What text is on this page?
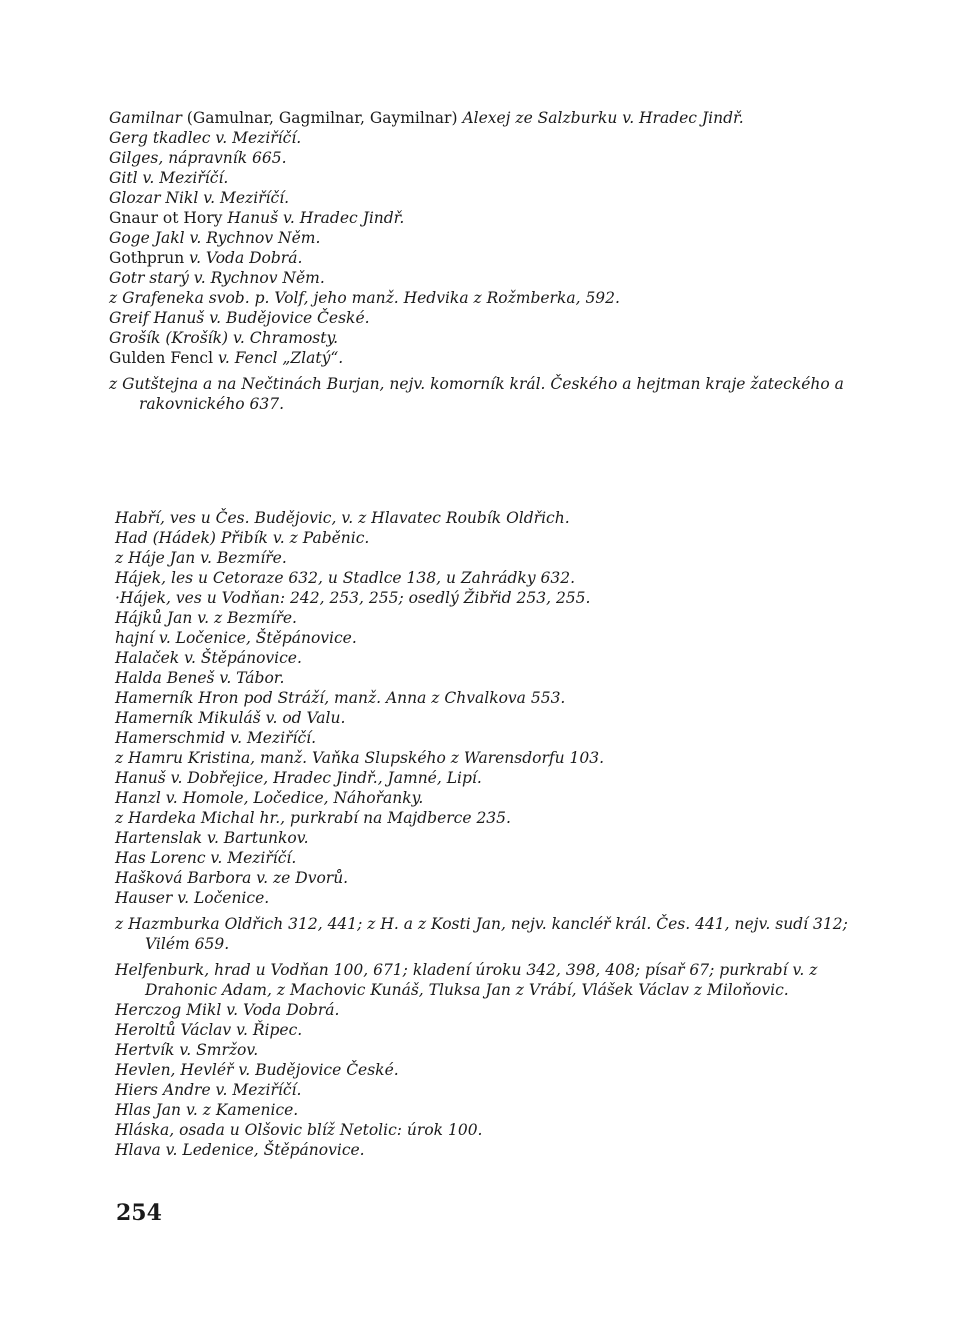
Gamilnar (Gamulnar, Gagmilnar, Gaymilnar) Alexej ze Salzburku v. Hradec Jindř.

Gerg tkadlec v. Meziříčí.

Gilges, nápravník 665.

Gitl v. Meziříčí.

Glozar Nikl v. Meziříčí.

Gnaur ot Hory Hanuš v. Hradec Jindř.

Goge Jakl v. Rychnov Něm.

Gothprun v. Voda Dobrá.

Gotr starý v. Rychnov Něm.

z Grafeneka svob. p. Volf, jeho manž. Hedvika z Rožmberka, 592.

Greif Hanuš v. Budějovice České.

Grošík (Krošík) v. Chramosty.

Gulden Fencl v. Fencl „Zlatý“.

z Gutštejna a na Nečtinách Burjan, nejv. komorník král. Českého a hejtman kraje žateckého a rakovnického 637.

Habří, ves u Čes. Budějovic, v. z Hlavatec Roubík Oldřich.

Had (Hádek) Přibík v. z Paběnic.

z Háje Jan v. Bezmíře.

Hájek, les u Cetoraze 632, u Stadlce 138, u Zahrádky 632.

·Hájek, ves u Vodňan: 242, 253, 255; osedlý Žibřid 253, 255.

Hájků Jan v. z Bezmíře.

hajní v. Ločenice, Štěpánovice.

Halaček v. Štěpánovice.

Halda Beneš v. Tábor.

Hamerník Hron pod Stráží, manž. Anna z Chvalkova 553.

Hamerník Mikuláš v. od Valu.

Hamerschmid v. Meziříčí.

z Hamru Kristina, manž. Vaňka Slupského z Warensdorfu 103.

Hanuš v. Dobřejice, Hradec Jindř., Jamné, Lipí.

Hanzl v. Homole, Ločedice, Náhořanky.

z Hardeka Michal hr., purkrabí na Majdberce 235.

Hartenslak v. Bartunkov.

Has Lorenc v. Meziříčí.

Hašková Barbora v. ze Dvorů.

Hauser v. Ločenice.

z Hazmburka Oldřich 312, 441; z H. a z Kosti Jan, nejv. kancléř král. Čes. 441, nejv. sudí 312; Vilém 659.

Helfenburk, hrad u Vodňan 100, 671; kladení úroku 342, 398, 408; písař 67; purkrabí v. z Drahonic Adam, z Machovic Kunáš, Tluksa Jan z Vrábí, Vlášek Václav z Miloňovic.

Herczog Mikl v. Voda Dobrá.

Heroltů Václav v. Řipec.

Hertvík v. Smržov.

Hevlen, Hevléř v. Budějovice České.

Hiers Andre v. Meziříčí.

Hlas Jan v. z Kamenice.

Hláska, osada u Olšovic blíž Netolic: úrok 100.

Hlava v. Ledenice, Štěpánovice.

254
